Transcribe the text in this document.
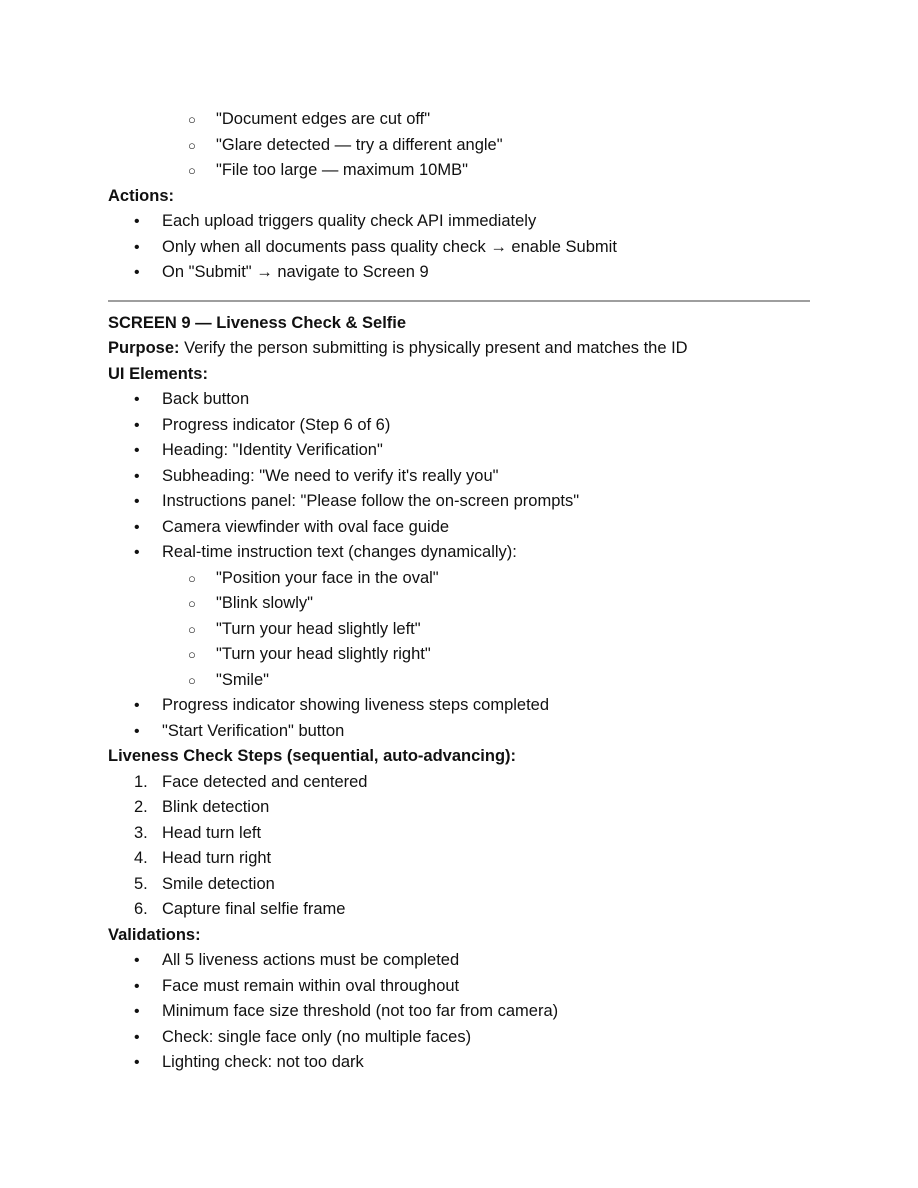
○ "Document edges are cut off"
○ "Glare detected — try a different angle"
○ "File too large — maximum 10MB"
Actions:
• Each upload triggers quality check API immediately
• Only when all documents pass quality check → enable Submit
• On "Submit" → navigate to Screen 9
SCREEN 9 — Liveness Check & Selfie
Purpose: Verify the person submitting is physically present and matches the ID
UI Elements:
• Back button
• Progress indicator (Step 6 of 6)
• Heading: "Identity Verification"
• Subheading: "We need to verify it's really you"
• Instructions panel: "Please follow the on-screen prompts"
• Camera viewfinder with oval face guide
• Real-time instruction text (changes dynamically):
○ "Position your face in the oval"
○ "Blink slowly"
○ "Turn your head slightly left"
○ "Turn your head slightly right"
○ "Smile"
• Progress indicator showing liveness steps completed
• "Start Verification" button
Liveness Check Steps (sequential, auto-advancing):
1. Face detected and centered
2. Blink detection
3. Head turn left
4. Head turn right
5. Smile detection
6. Capture final selfie frame
Validations:
• All 5 liveness actions must be completed
• Face must remain within oval throughout
• Minimum face size threshold (not too far from camera)
• Check: single face only (no multiple faces)
• Lighting check: not too dark
